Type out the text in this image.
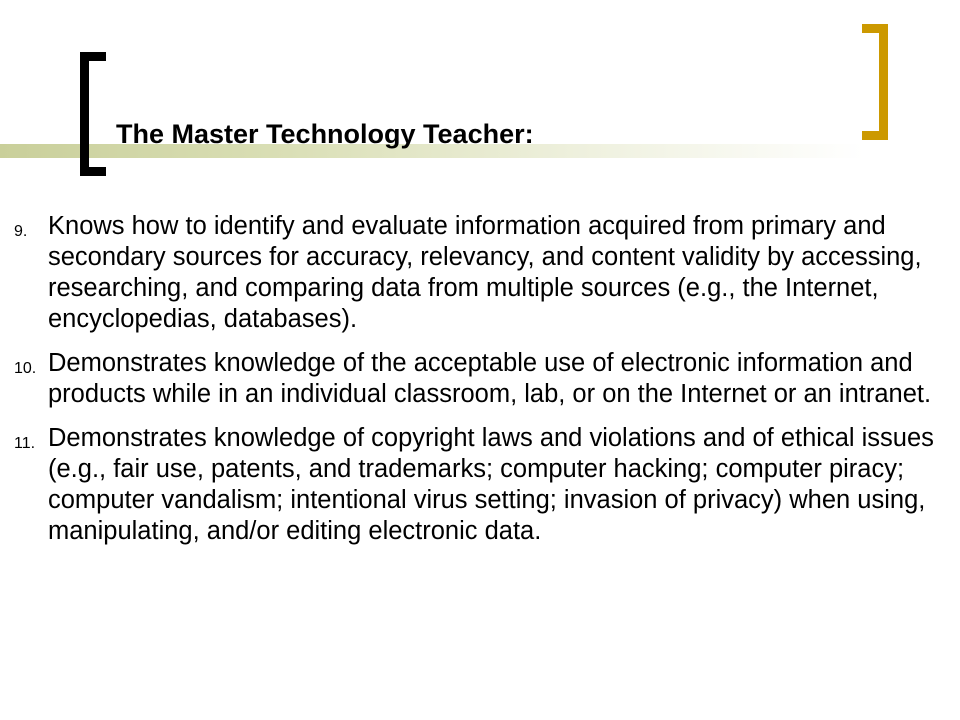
The Master Technology Teacher:
9. Knows how to identify and evaluate information acquired from primary and secondary sources for accuracy, relevancy, and content validity by accessing, researching, and comparing data from multiple sources (e.g., the Internet, encyclopedias, databases).
10. Demonstrates knowledge of the acceptable use of electronic information and products while in an individual classroom, lab, or on the Internet or an intranet.
11. Demonstrates knowledge of copyright laws and violations and of ethical issues (e.g., fair use, patents, and trademarks; computer hacking; computer piracy; computer vandalism; intentional virus setting; invasion of privacy) when using, manipulating, and/or editing electronic data.
